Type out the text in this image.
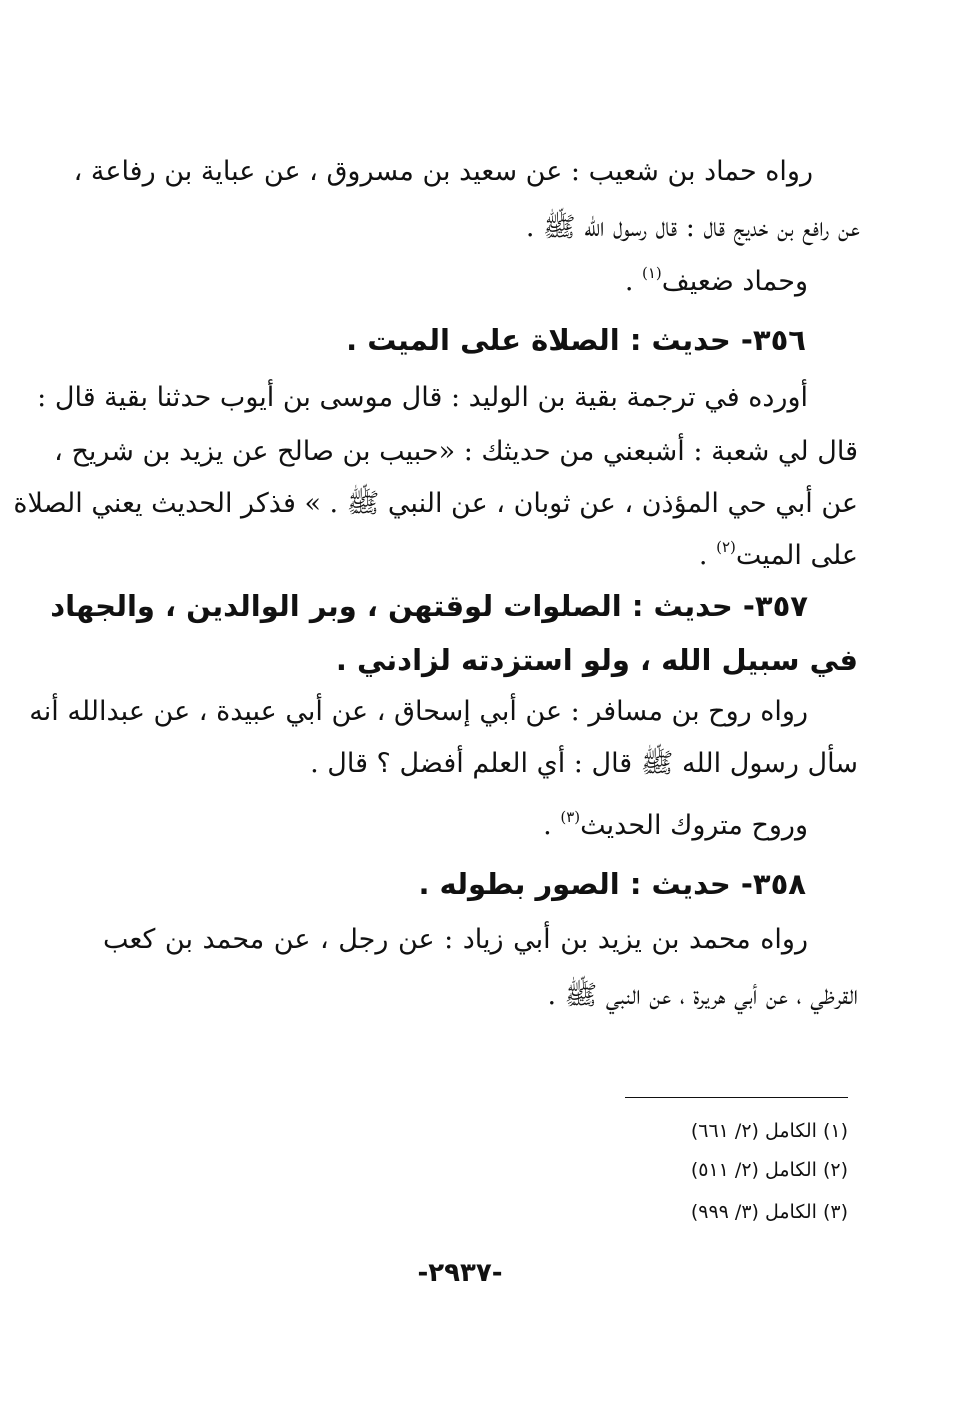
رواه حماد بن شعيب : عن سعيد بن مسروق ، عن عباية بن رفاعة ،
عن رافع بن خديج قال : قال رسول الله ﷺ .
وحماد ضعيف$^{(١)}$ .
٣٥٦- حديث : الصلاة على الميت .
أورده في ترجمة بقية بن الوليد : قال موسى بن أيوب حدثنا بقية قال :
قال لي شعبة : أشبعني من حديثك : «حبيب بن صالح عن يزيد بن شريح ،
عن أبي حي المؤذن ، عن ثوبان ، عن النبي ﷺ . » فذكر الحديث يعني الصلاة
على الميت$^{(٢)}$ .
٣٥٧- حديث : الصلوات لوقتهن ، وبر الوالدين ، والجهاد
في سبيل الله ، ولو استزدته لزادني .
رواه روح بن مسافر : عن أبي إسحاق ، عن أبي عبيدة ، عن عبدالله أنه
سأل رسول الله ﷺ قال : أي العلم أفضل ؟ قال .
وروح متروك الحديث$^{(٣)}$ .
٣٥٨- حديث : الصور بطوله .
رواه محمد بن يزيد بن أبي زياد : عن رجل ، عن محمد بن كعب
القرظي ، عن أبي هريرة ، عن النبي ﷺ .
(١) الكامل (٢/ ٦٦١)
(٢) الكامل (٢/ ٥١١)
(٣) الكامل (٣/ ٩٩٩)
-٢٩٣٧-
